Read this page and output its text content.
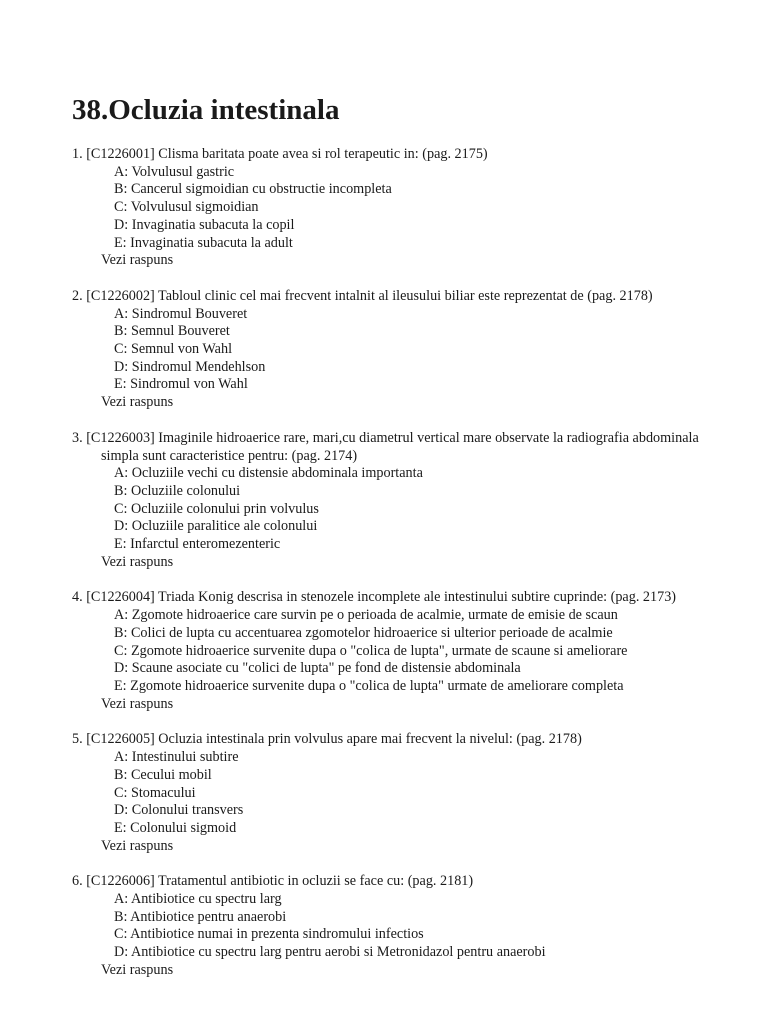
38.Ocluzia intestinala
1. [C1226001] Clisma baritata poate avea si rol terapeutic in: (pag. 2175)
A: Volvulusul gastric
B: Cancerul sigmoidian cu obstructie incompleta
C: Volvulusul sigmoidian
D: Invaginatia subacuta la copil
E: Invaginatia subacuta la adult
Vezi raspuns
2. [C1226002] Tabloul clinic cel mai frecvent intalnit al ileusului biliar este reprezentat de (pag. 2178)
A: Sindromul Bouveret
B: Semnul Bouveret
C: Semnul von Wahl
D: Sindromul Mendehlson
E: Sindromul von Wahl
Vezi raspuns
3. [C1226003] Imaginile hidroaerice rare, mari,cu diametrul vertical mare observate la radiografia abdominala simpla sunt caracteristice pentru: (pag. 2174)
A: Ocluziile vechi cu distensie abdominala importanta
B: Ocluziile colonului
C: Ocluziile colonului prin volvulus
D: Ocluziile paralitice ale colonului
E: Infarctul enteromezenteric
Vezi raspuns
4. [C1226004] Triada Konig descrisa in stenozele incomplete ale intestinului subtire cuprinde: (pag. 2173)
A: Zgomote hidroaerice care survin pe o perioada de acalmie, urmate de emisie de scaun
B: Colici de lupta cu accentuarea zgomotelor hidroaerice si ulterior perioade de acalmie
C: Zgomote hidroaerice survenite dupa o "colica de lupta", urmate de scaune si ameliorare
D: Scaune asociate cu "colici de lupta" pe fond de distensie abdominala
E: Zgomote hidroaerice survenite dupa o "colica de lupta" urmate de ameliorare completa
Vezi raspuns
5. [C1226005] Ocluzia intestinala prin volvulus apare mai frecvent la nivelul: (pag. 2178)
A: Intestinului subtire
B: Cecului mobil
C: Stomacului
D: Colonului transvers
E: Colonului sigmoid
Vezi raspuns
6. [C1226006] Tratamentul antibiotic in ocluzii se face cu: (pag. 2181)
A: Antibiotice cu spectru larg
B: Antibiotice pentru anaerobi
C: Antibiotice numai in prezenta sindromului infectios
D: Antibiotice cu spectru larg pentru aerobi si Metronidazol pentru anaerobi
Vezi raspuns
